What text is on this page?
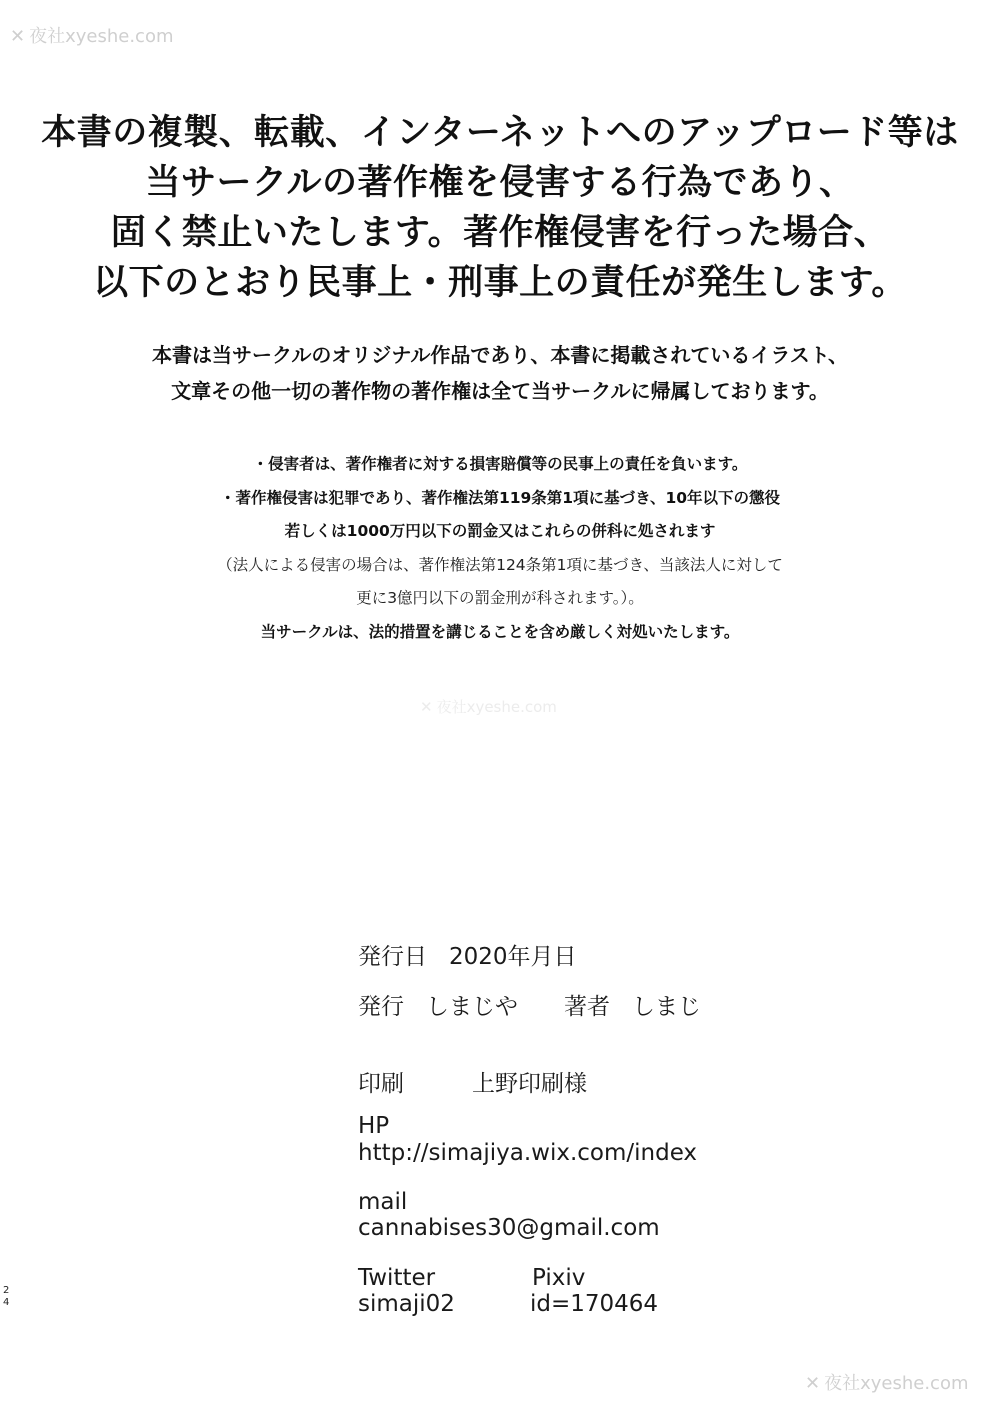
✕ 夜社xyeshe.com
✕ 夜社xyeshe.com
✕ 夜社xyeshe.com
本書の複製、転載、インターネットへのアップロード等は
当サークルの著作権を侵害する行為であり、
固く禁止いたします。著作権侵害を行った場合、
以下のとおり民事上・刑事上の責任が発生します。
本書は当サークルのオリジナル作品であり、本書に掲載されているイラスト、
文章その他一切の著作物の著作権は全て当サークルに帰属しております。
・侵害者は、著作権者に対する損害賠償等の民事上の責任を負います。
・著作権侵害は犯罪であり、著作権法第119条第1項に基づき、10年以下の懲役
若しくは1000万円以下の罰金又はこれらの併科に処されます
（法人による侵害の場合は、著作権法第124条第1項に基づき、当該法人に対して
更に3億円以下の罰金刑が科されます。）。
当サークルは、法的措置を講じることを含め厳しく対処いたします。
発行日 2020年月日
発行 しまじや 著者 しまじ
印刷	上野印刷様
HP
http://simajiya.wix.com/index
mail
cannabises30@gmail.com
Twitter
simaji02
Pixiv
id=170464
24
